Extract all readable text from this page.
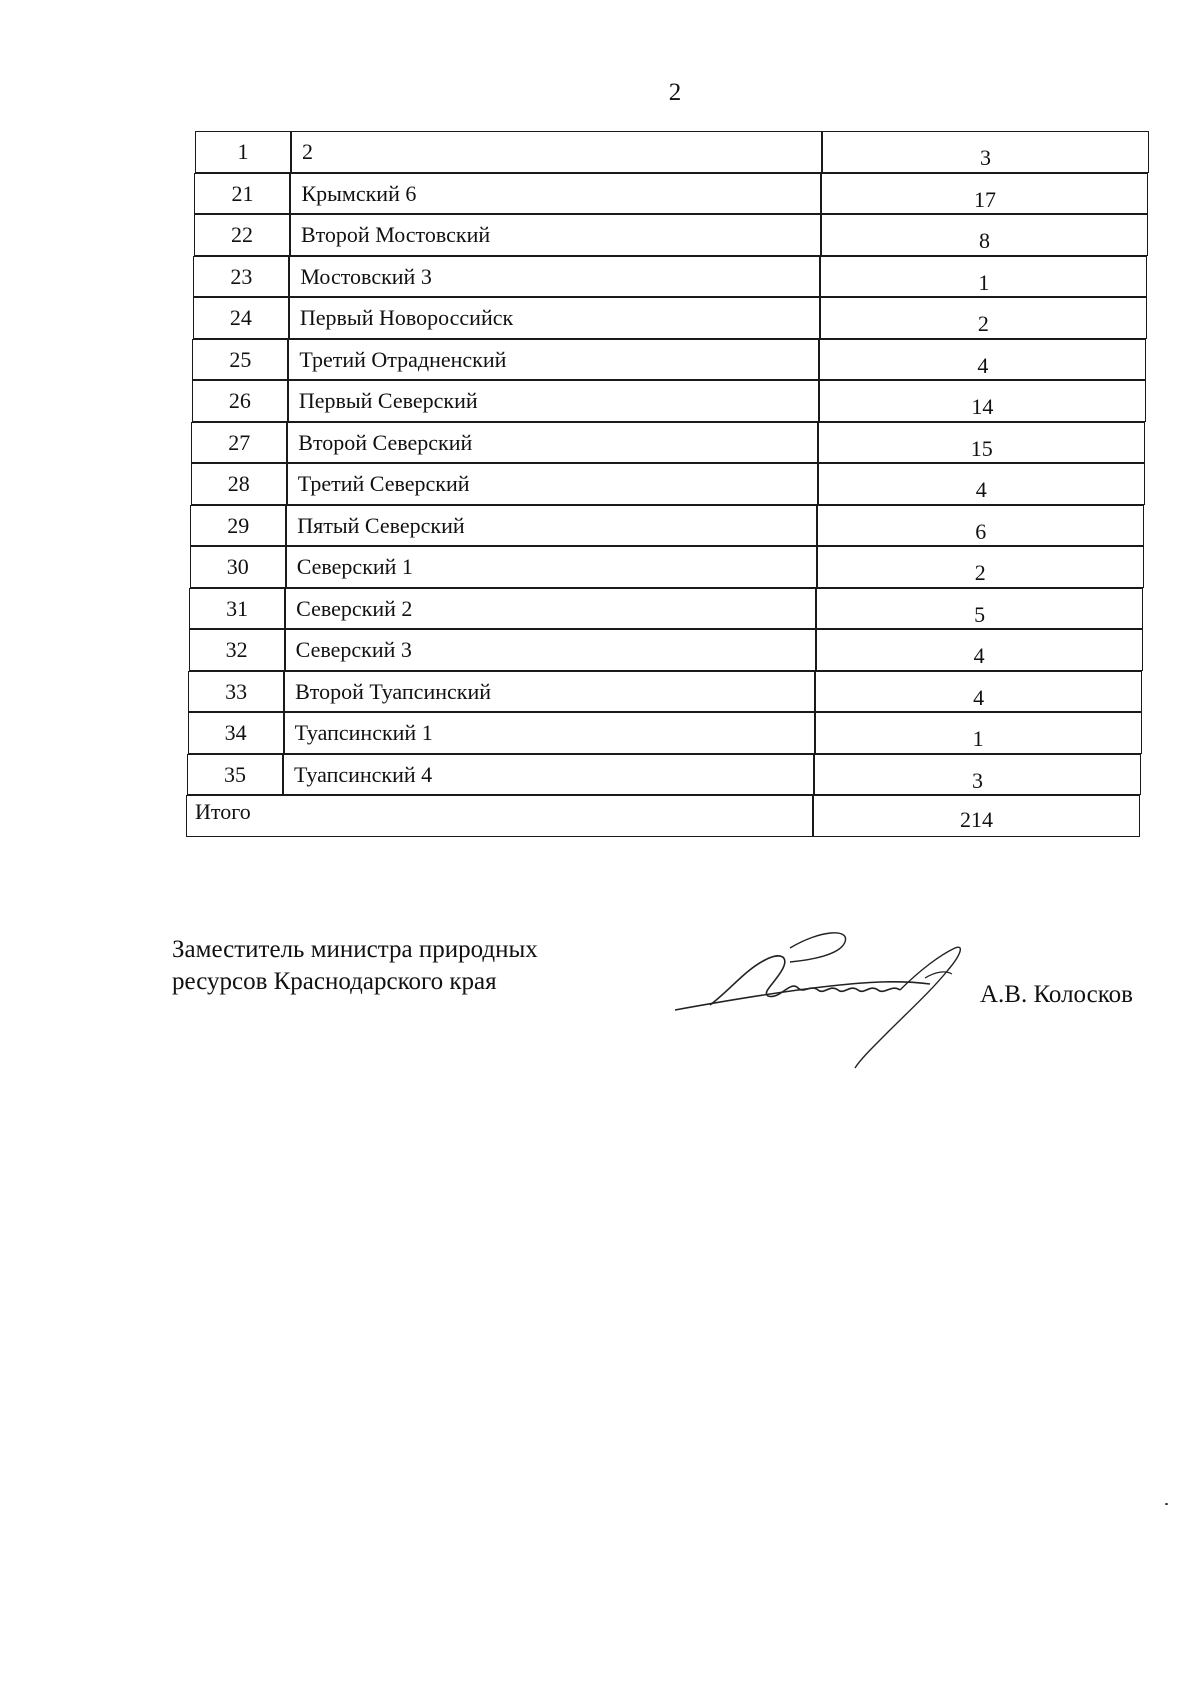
2
1	2	3
21	Крымский 6	17
22	Второй Мостовский	8
23	Мостовский 3	1
24	Первый Новороссийск	2
25	Третий Отрадненский	4
26	Первый Северский	14
27	Второй Северский	15
28	Третий Северский	4
29	Пятый Северский	6
30	Северский 1	2
31	Северский 2	5
32	Северский 3	4
33	Второй Туапсинский	4
34	Туапсинский 1	1
35	Туапсинский 4	3
Итого	214
Заместитель министра природных
ресурсов Краснодарского края	А.В. Колосков
